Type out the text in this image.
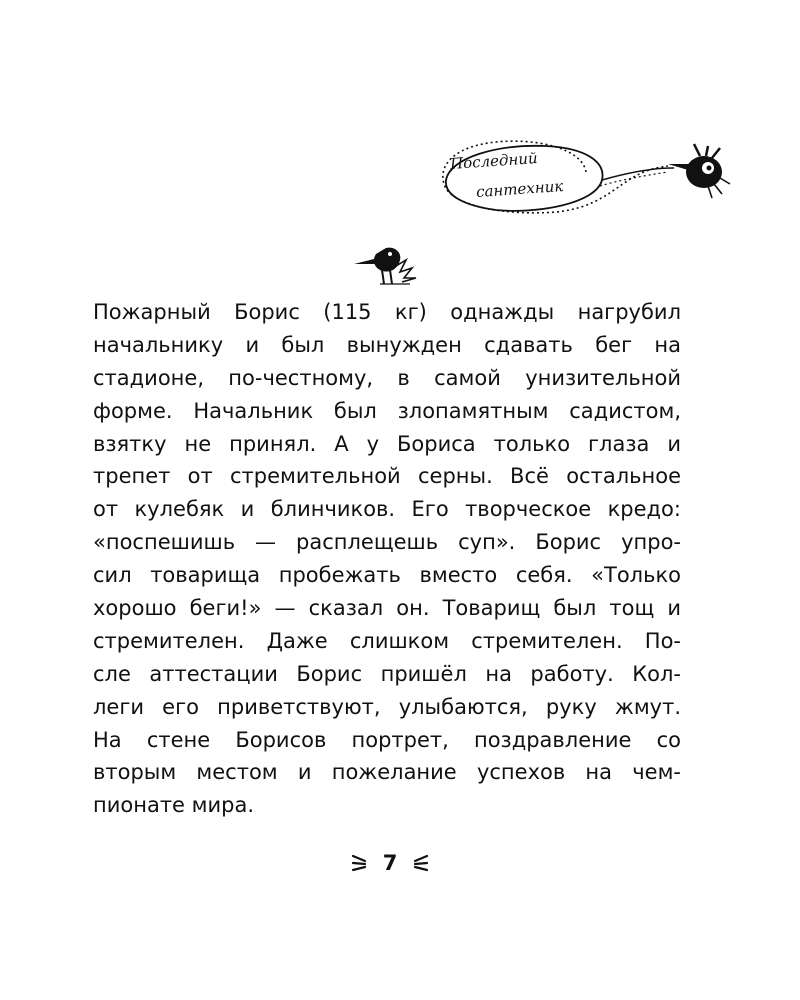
Последний
сантехник
Пожарный Борис (115 кг) однажды нагрубил
начальнику и был вынужден сдавать бег на
стадионе, по-честному, в самой унизительной
форме. Начальник был злопамятным садистом,
взятку не принял. А у Бориса только глаза и
трепет от стремительной серны. Всё остальное
от кулебяк и блинчиков. Его творческое кредо:
«поспешишь — расплещешь суп». Борис упро-
сил товарища пробежать вместо себя. «Только
хорошо беги!» — сказал он. Товарищ был тощ и
стремителен. Даже слишком стремителен. По-
сле аттестации Борис пришёл на работу. Кол-
леги его приветствуют, улыбаются, руку жмут.
На стене Борисов портрет, поздравление со
вторым местом и пожелание успехов на чем-
пионате мира.
7
